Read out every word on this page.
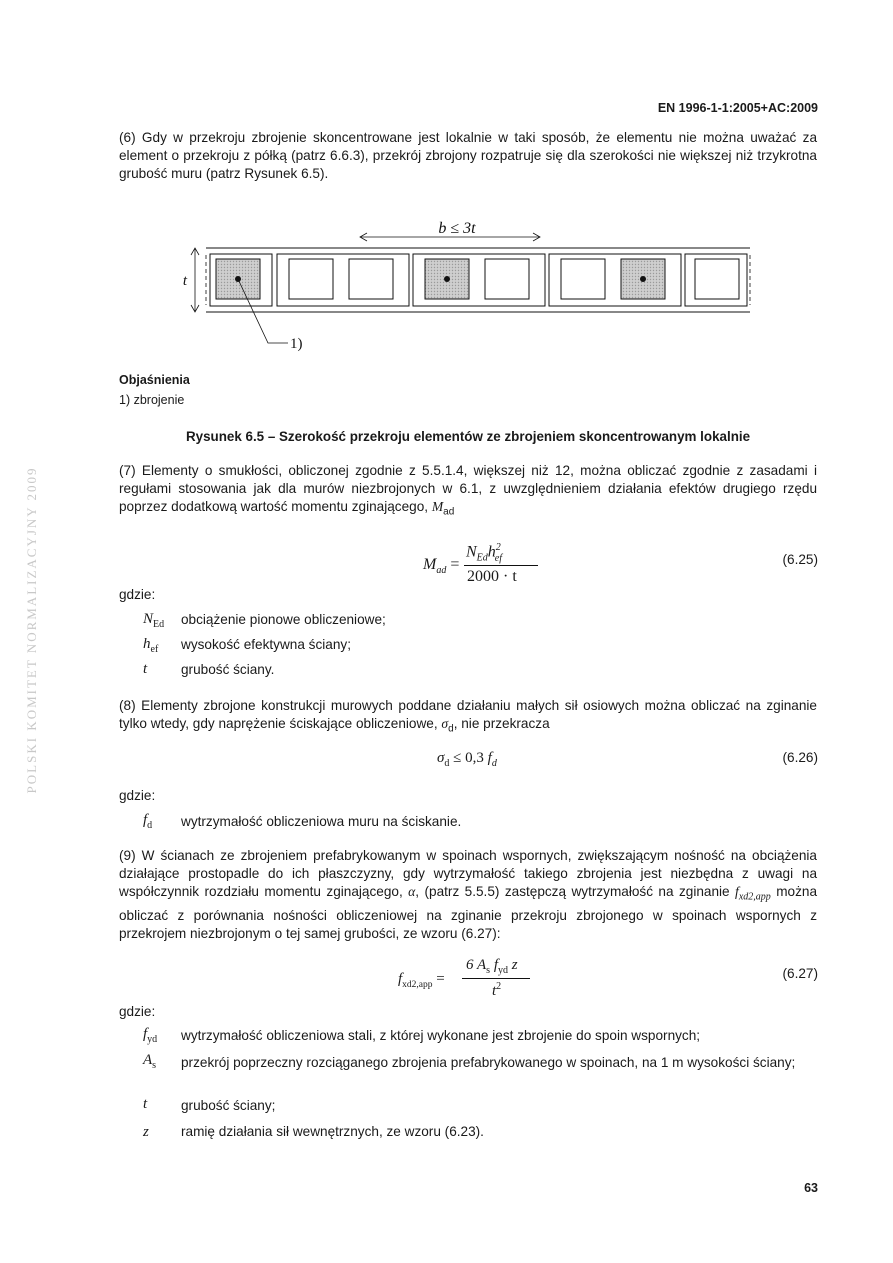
POLSKI KOMITET NORMALIZACYJNY 2009
EN 1996-1-1:2005+AC:2009
(6) Gdy w przekroju zbrojenie skoncentrowane jest lokalnie w taki sposób, że elementu nie można uważać za element o przekroju z półką (patrz 6.6.3), przekrój zbrojony rozpatruje się dla szerokości nie większej niż trzykrotna grubość muru (patrz Rysunek 6.5).
b ≤ 3t
t
1)
Objaśnienia
1) zbrojenie
Rysunek 6.5 – Szerokość przekroju elementów ze zbrojeniem skoncentrowanym lokalnie
(7) Elementy o smukłości, obliczonej zgodnie z 5.5.1.4, większej niż 12, można obliczać zgodnie z zasadami i regułami stosowania jak dla murów niezbrojonych w 6.1, z uwzględnieniem działania efektów drugiego rzędu poprzez dodatkową wartość momentu zginającego, $M_{ad}$
$M_{ad}$ =
$N_{Ed}h^2_{ef}$
2000 · t
(6.25)
gdzie:
$N_{Ed}$ obciążenie pionowe obliczeniowe;
$h_{ef}$ wysokość efektywna ściany;
t grubość ściany.
(8) Elementy zbrojone konstrukcji murowych poddane działaniu małych sił osiowych można obliczać na zginanie tylko wtedy, gdy naprężenie ściskające obliczeniowe, $\sigma_d$, nie przekracza
$\sigma_d \le 0,3$ $f_d$	(6.26)
gdzie:
$f_d$ wytrzymałość obliczeniowa muru na ściskanie.
(9) W ścianach ze zbrojeniem prefabrykowanym w spoinach wspornych, zwiększającym nośność na obciążenia działające prostopadle do ich płaszczyzny, gdy wytrzymałość takiego zbrojenia jest niezbędna z uwagi na współczynnik rozdziału momentu zginającego, α, (patrz 5.5.5) zastępczą wytrzymałość na zginanie $f_{xd2,app}$ można obliczać z porównania nośności obliczeniowej na zginanie przekroju zbrojonego w spoinach wspornych z przekrojem niezbrojonym o tej samej grubości, ze wzoru (6.27):
$f_{xd2,app}$ =
6 $A_s$ $f_{yd}$ z
$t^2$
(6.27)
gdzie:
$f_{yd}$ wytrzymałość obliczeniowa stali, z której wykonane jest zbrojenie do spoin wspornych;
$A_s$ przekrój poprzeczny rozciąganego zbrojenia prefabrykowanego w spoinach, na 1 m wysokości ściany;
t grubość ściany;
z ramię działania sił wewnętrznych, ze wzoru (6.23).
63
